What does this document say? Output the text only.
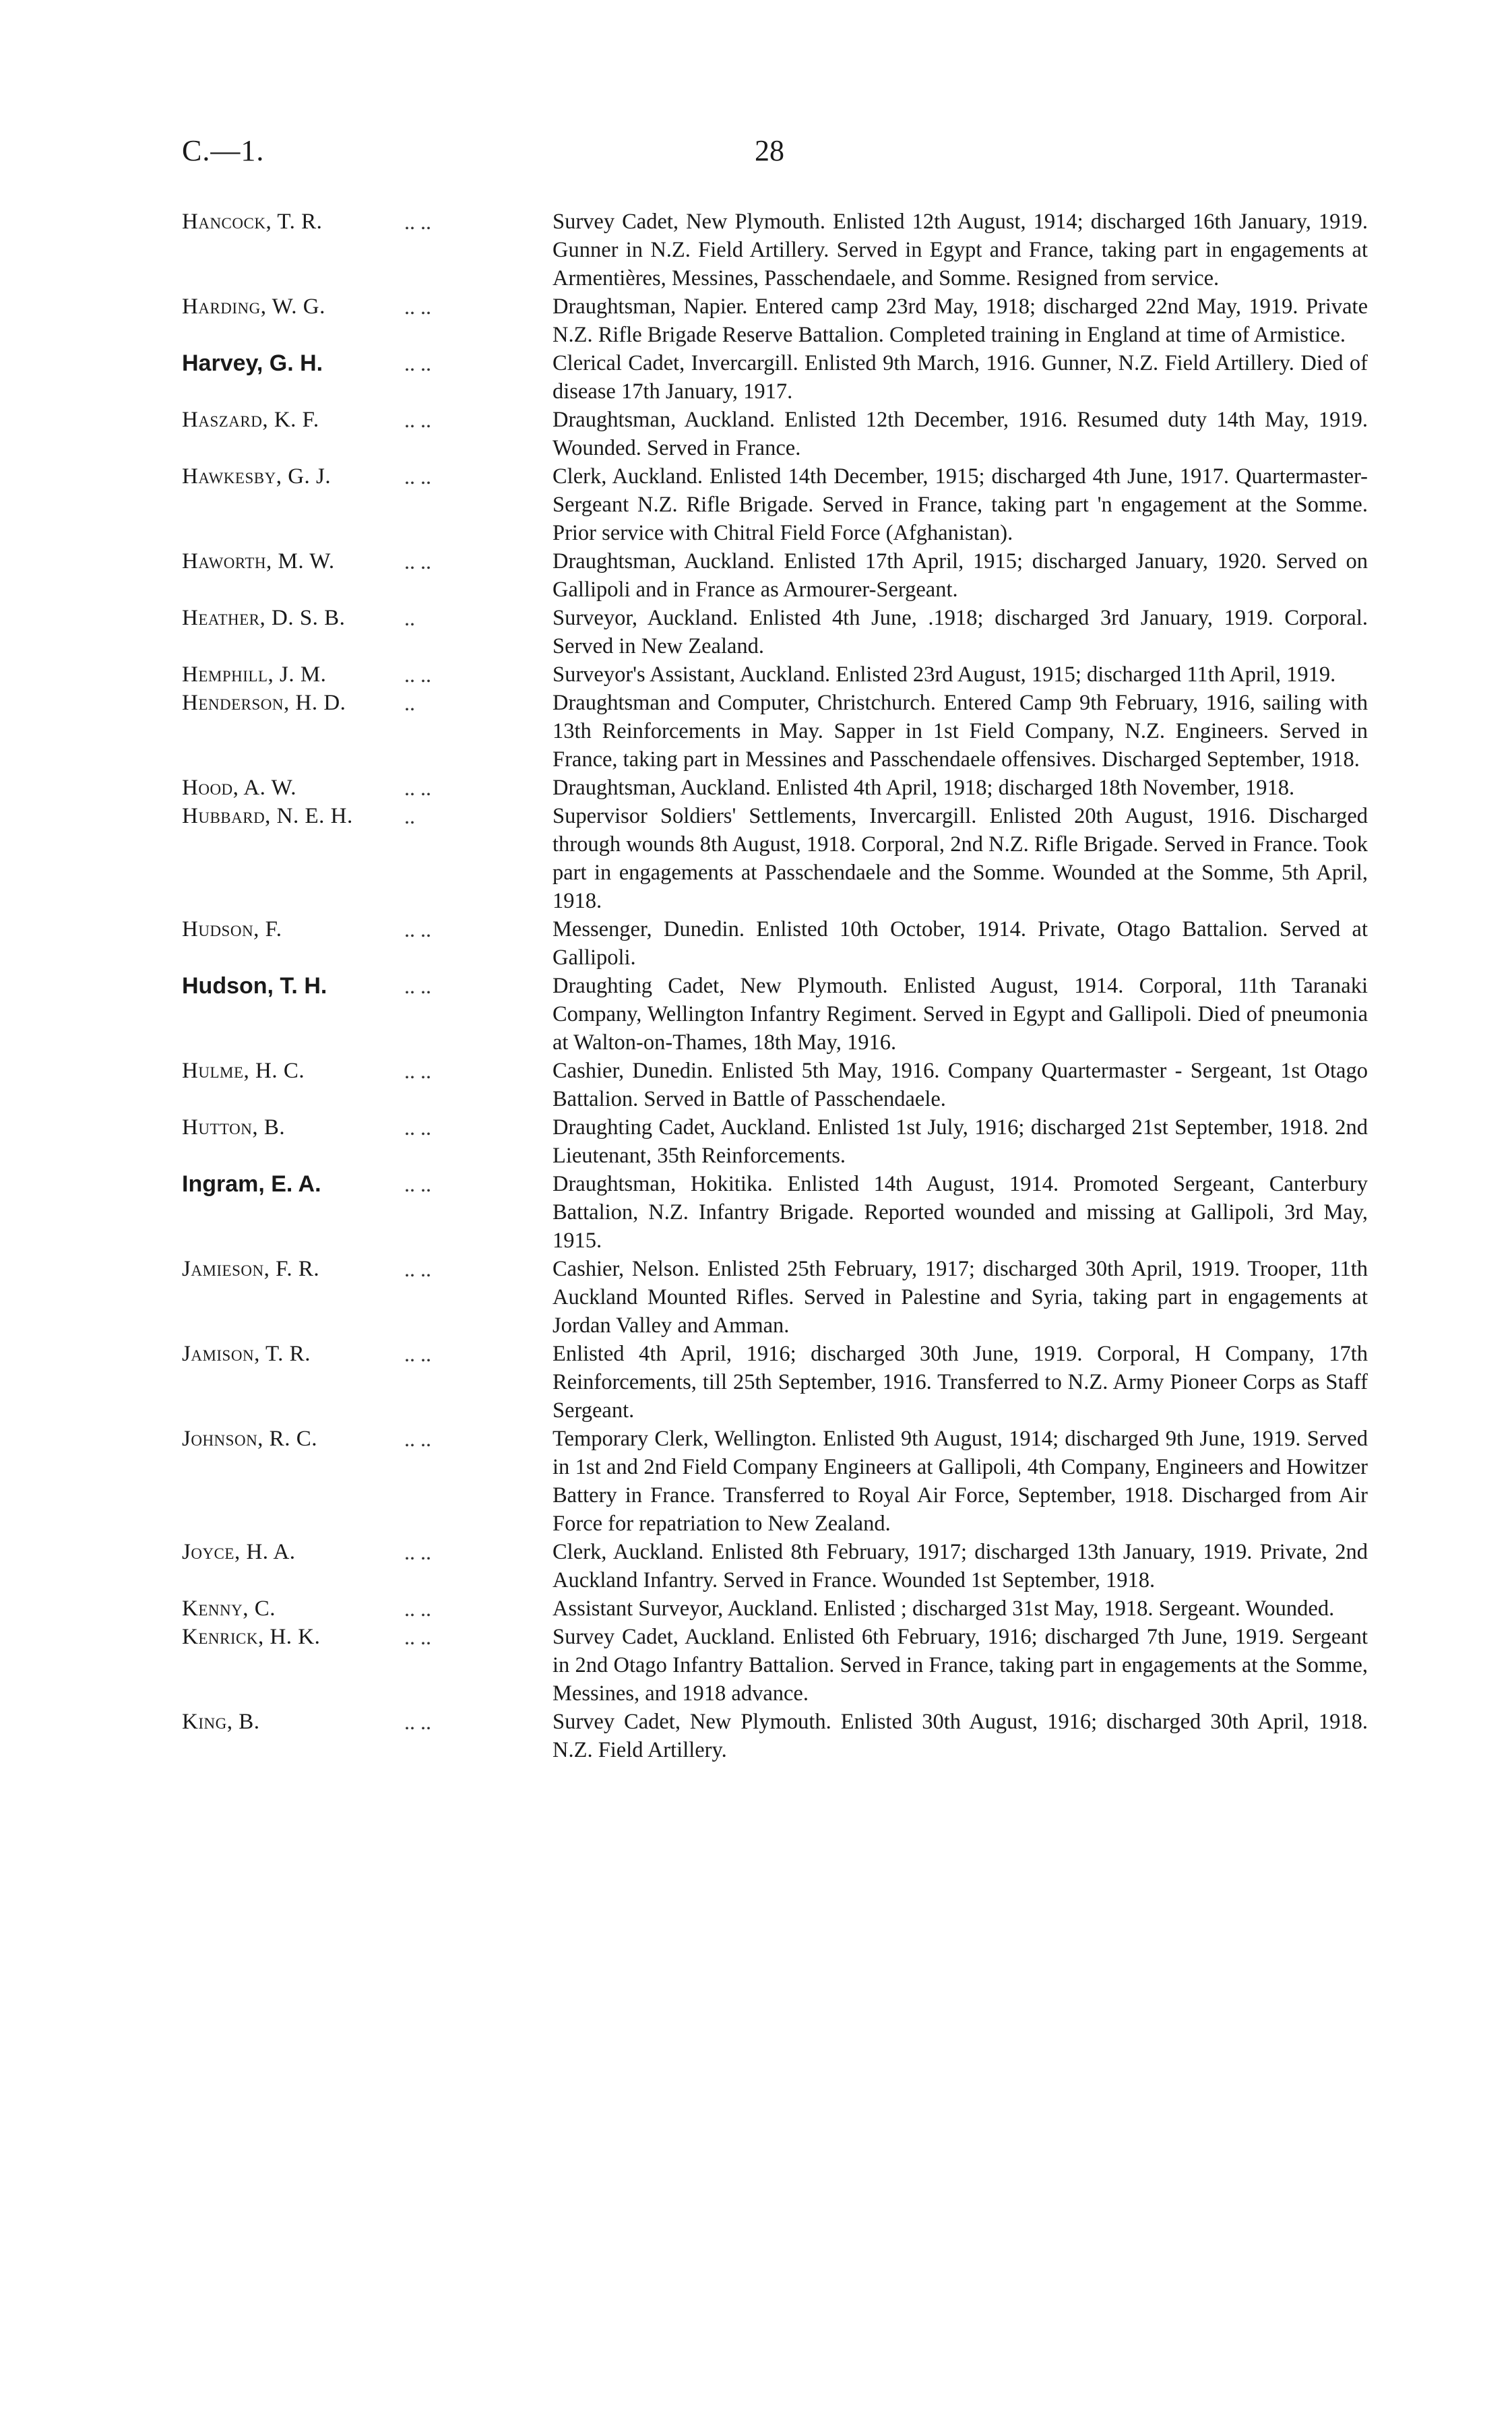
C.—1.	28
Hancock, T. R.	.. ..	Survey Cadet, New Plymouth. Enlisted 12th August, 1914; discharged 16th January, 1919. Gunner in N.Z. Field Artillery. Served in Egypt and France, taking part in engagements at Armentières, Messines, Passchendaele, and Somme. Resigned from service.
Harding, W. G.	.. ..	Draughtsman, Napier. Entered camp 23rd May, 1918; discharged 22nd May, 1919. Private N.Z. Rifle Brigade Reserve Battalion. Completed training in England at time of Armistice.
Harvey, G. H.	.. ..	Clerical Cadet, Invercargill. Enlisted 9th March, 1916. Gunner, N.Z. Field Artillery. Died of disease 17th January, 1917.
Haszard, K. F.	.. ..	Draughtsman, Auckland. Enlisted 12th December, 1916. Resumed duty 14th May, 1919. Wounded. Served in France.
Hawkesby, G. J.	.. ..	Clerk, Auckland. Enlisted 14th December, 1915; discharged 4th June, 1917. Quartermaster-Sergeant N.Z. Rifle Brigade. Served in France, taking part 'n engagement at the Somme. Prior service with Chitral Field Force (Afghanistan).
Haworth, M. W.	.. ..	Draughtsman, Auckland. Enlisted 17th April, 1915; discharged January, 1920. Served on Gallipoli and in France as Armourer-Sergeant.
Heather, D. S. B.	..	Surveyor, Auckland. Enlisted 4th June, .1918; discharged 3rd January, 1919. Corporal. Served in New Zealand.
Hemphill, J. M.	.. ..	Surveyor's Assistant, Auckland. Enlisted 23rd August, 1915; discharged 11th April, 1919.
Henderson, H. D.	..	Draughtsman and Computer, Christchurch. Entered Camp 9th February, 1916, sailing with 13th Reinforcements in May. Sapper in 1st Field Company, N.Z. Engineers. Served in France, taking part in Messines and Passchendaele offensives. Discharged September, 1918.
Hood, A. W.	.. ..	Draughtsman, Auckland. Enlisted 4th April, 1918; discharged 18th November, 1918.
Hubbard, N. E. H.	..	Supervisor Soldiers' Settlements, Invercargill. Enlisted 20th August, 1916. Discharged through wounds 8th August, 1918. Corporal, 2nd N.Z. Rifle Brigade. Served in France. Took part in engagements at Passchendaele and the Somme. Wounded at the Somme, 5th April, 1918.
Hudson, F.	.. ..	Messenger, Dunedin. Enlisted 10th October, 1914. Private, Otago Battalion. Served at Gallipoli.
Hudson, T. H.	.. ..	Draughting Cadet, New Plymouth. Enlisted August, 1914. Corporal, 11th Taranaki Company, Wellington Infantry Regiment. Served in Egypt and Gallipoli. Died of pneumonia at Walton-on-Thames, 18th May, 1916.
Hulme, H. C.	.. ..	Cashier, Dunedin. Enlisted 5th May, 1916. Company Quartermaster - Sergeant, 1st Otago Battalion. Served in Battle of Passchendaele.
Hutton, B.	.. ..	Draughting Cadet, Auckland. Enlisted 1st July, 1916; discharged 21st September, 1918. 2nd Lieutenant, 35th Reinforcements.
Ingram, E. A.	.. ..	Draughtsman, Hokitika. Enlisted 14th August, 1914. Promoted Sergeant, Canterbury Battalion, N.Z. Infantry Brigade. Reported wounded and missing at Gallipoli, 3rd May, 1915.
Jamieson, F. R.	.. ..	Cashier, Nelson. Enlisted 25th February, 1917; discharged 30th April, 1919. Trooper, 11th Auckland Mounted Rifles. Served in Palestine and Syria, taking part in engagements at Jordan Valley and Amman.
Jamison, T. R.	.. ..	Enlisted 4th April, 1916; discharged 30th June, 1919. Corporal, H Company, 17th Reinforcements, till 25th September, 1916. Transferred to N.Z. Army Pioneer Corps as Staff Sergeant.
Johnson, R. C.	.. ..	Temporary Clerk, Wellington. Enlisted 9th August, 1914; discharged 9th June, 1919. Served in 1st and 2nd Field Company Engineers at Gallipoli, 4th Company, Engineers and Howitzer Battery in France. Transferred to Royal Air Force, September, 1918. Discharged from Air Force for repatriation to New Zealand.
Joyce, H. A.	.. ..	Clerk, Auckland. Enlisted 8th February, 1917; discharged 13th January, 1919. Private, 2nd Auckland Infantry. Served in France. Wounded 1st September, 1918.
Kenny, C.	.. ..	Assistant Surveyor, Auckland. Enlisted ; discharged 31st May, 1918. Sergeant. Wounded.
Kenrick, H. K.	.. ..	Survey Cadet, Auckland. Enlisted 6th February, 1916; discharged 7th June, 1919. Sergeant in 2nd Otago Infantry Battalion. Served in France, taking part in engagements at the Somme, Messines, and 1918 advance.
King, B.	.. ..	Survey Cadet, New Plymouth. Enlisted 30th August, 1916; discharged 30th April, 1918. N.Z. Field Artillery.
